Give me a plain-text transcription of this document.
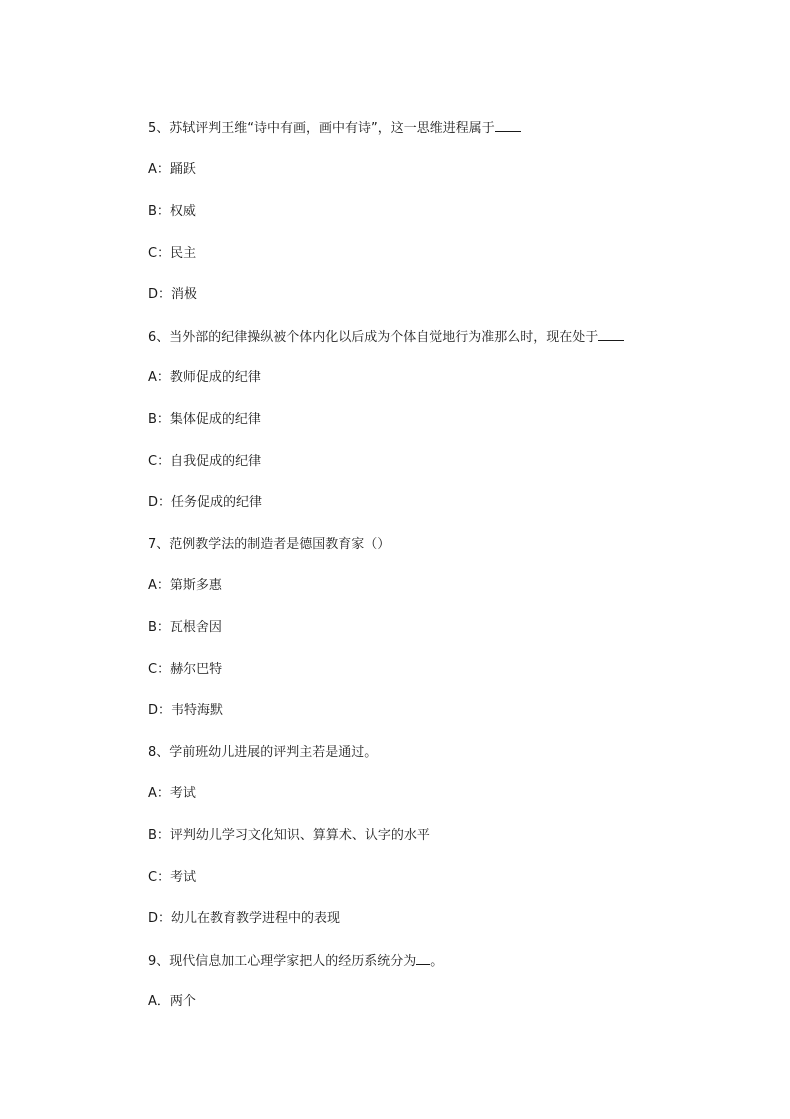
5、苏轼评判王维“诗中有画，画中有诗”，这一思维进程属于
A：踊跃
B：权威
C：民主
D：消极
6、当外部的纪律操纵被个体内化以后成为个体自觉地行为准那么时，现在处于
A：教师促成的纪律
B：集体促成的纪律
C：自我促成的纪律
D：任务促成的纪律
7、范例教学法的制造者是德国教育家（）
A：第斯多惠
B：瓦根舍因
C：赫尔巴特
D：韦特海默
8、学前班幼儿进展的评判主若是通过。
A：考试
B：评判幼儿学习文化知识、算算术、认字的水平
C：考试
D：幼儿在教育教学进程中的表现
9、现代信息加工心理学家把人的经历系统分为 。
A．两个
